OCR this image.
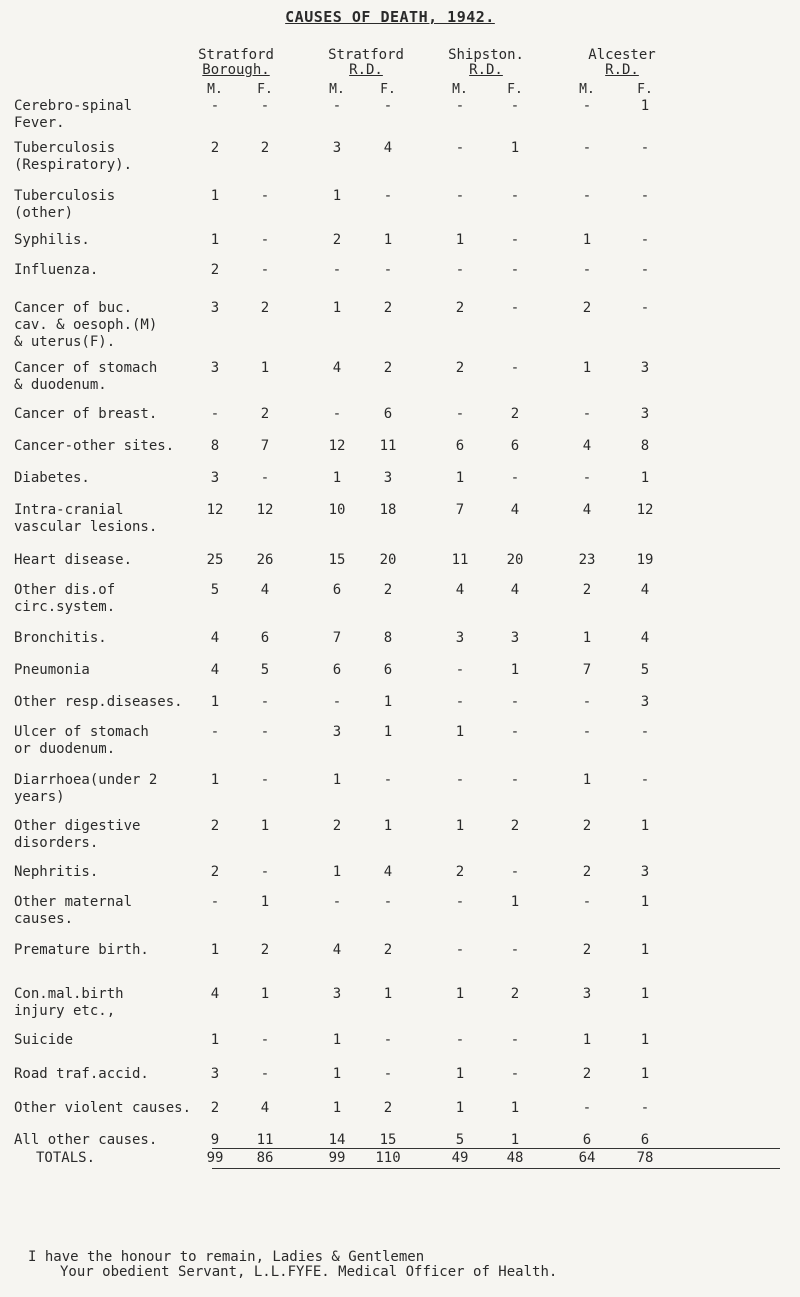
CAUSES OF DEATH, 1942.
Stratford
Borough.
Stratford
R.D.
Shipston.
R.D.
Alcester
R.D.
M.	F.	M.	F.	M.	F.	M.	F.
Cerebro-spinal
Fever.
-	-	-	-	-	-	-	1
Tuberculosis
(Respiratory).
2	2	3	4	-	1	-	-
Tuberculosis
(other)
1	-	1	-	-	-	-	-
Syphilis.	1	-	2	1	1	-	1	-
Influenza.	2	-	-	-	-	-	-	-
Cancer of buc.
cav. & oesoph.(M)
& uterus(F).
3	2	1	2	2	-	2	-
Cancer of stomach
& duodenum.
3	1	4	2	2	-	1	3
Cancer of breast.	-	2	-	6	-	2	-	3
Cancer-other sites.	8	7	12	11	6	6	4	8
Diabetes.	3	-	1	3	1	-	-	1
Intra-cranial
vascular lesions.
12	12	10	18	7	4	4	12
Heart disease.	25	26	15	20	11	20	23	19
Other dis.of
circ.system.
5	4	6	2	4	4	2	4
Bronchitis.	4	6	7	8	3	3	1	4
Pneumonia	4	5	6	6	-	1	7	5
Other resp.diseases.	1	-	-	1	-	-	-	3
Ulcer of stomach
or duodenum.
-	-	3	1	1	-	-	-
Diarrhoea(under 2
years)
1	-	1	-	-	-	1	-
Other digestive
disorders.
2	1	2	1	1	2	2	1
Nephritis.	2	-	1	4	2	-	2	3
Other maternal
causes.
-	1	-	-	-	1	-	1
Premature birth.	1	2	4	2	-	-	2	1
Con.mal.birth
injury etc.,
4	1	3	1	1	2	3	1
Suicide	1	-	1	-	-	-	1	1
Road traf.accid.	3	-	1	-	1	-	2	1
Other violent causes.	2	4	1	2	1	1	-	-
All other causes.	9	11	14	15	5	1	6	6
TOTALS.	99	86	99	110	49	48	64	78
I have the honour to remain, Ladies & Gentlemen
Your obedient Servant, L.L.FYFE. Medical Officer of Health.
